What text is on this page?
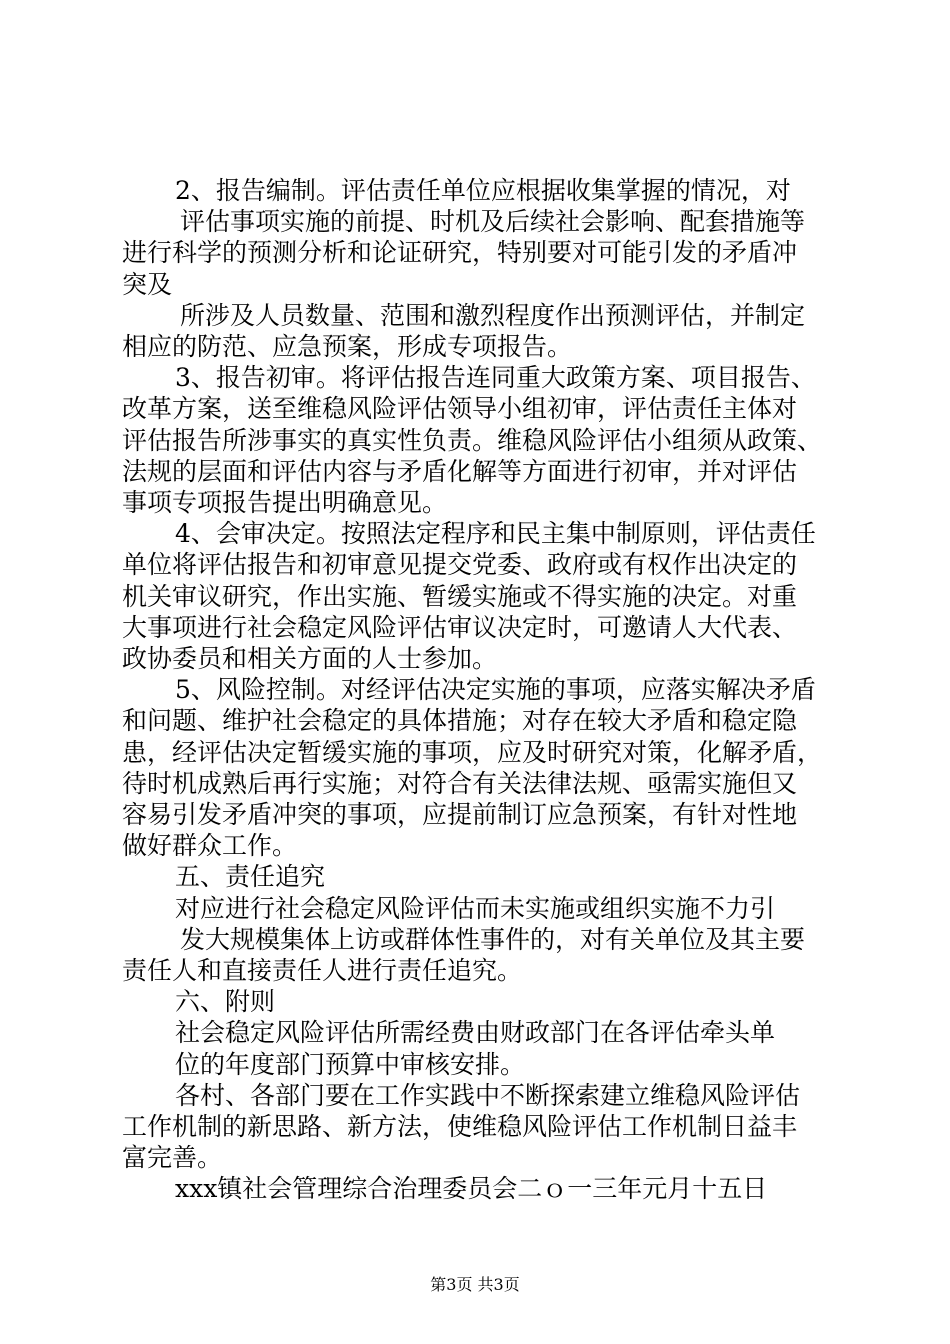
2、报告编制。评估责任单位应根据收集掌握的情况，对
评估事项实施的前提、时机及后续社会影响、配套措施等
进行科学的预测分析和论证研究，特别要对可能引发的矛盾冲
突及
所涉及人员数量、范围和激烈程度作出预测评估，并制定
相应的防范、应急预案，形成专项报告。
3、报告初审。将评估报告连同重大政策方案、项目报告、
改革方案，送至维稳风险评估领导小组初审，评估责任主体对
评估报告所涉事实的真实性负责。维稳风险评估小组须从政策、
法规的层面和评估内容与矛盾化解等方面进行初审，并对评估
事项专项报告提出明确意见。
4、会审决定。按照法定程序和民主集中制原则，评估责任
单位将评估报告和初审意见提交党委、政府或有权作出决定的
机关审议研究，作出实施、暂缓实施或不得实施的决定。对重
大事项进行社会稳定风险评估审议决定时，可邀请人大代表、
政协委员和相关方面的人士参加。
5、风险控制。对经评估决定实施的事项，应落实解决矛盾
和问题、维护社会稳定的具体措施；对存在较大矛盾和稳定隐
患，经评估决定暂缓实施的事项，应及时研究对策，化解矛盾，
待时机成熟后再行实施；对符合有关法律法规、亟需实施但又
容易引发矛盾冲突的事项，应提前制订应急预案，有针对性地
做好群众工作。
五、责任追究
对应进行社会稳定风险评估而未实施或组织实施不力引
发大规模集体上访或群体性事件的，对有关单位及其主要
责任人和直接责任人进行责任追究。
六、附则
社会稳定风险评估所需经费由财政部门在各评估牵头单
位的年度部门预算中审核安排。
各村、各部门要在工作实践中不断探索建立维稳风险评估
工作机制的新思路、新方法，使维稳风险评估工作机制日益丰
富完善。
xxx镇社会管理综合治理委员会二ｏ一三年元月十五日
第3页 共3页
